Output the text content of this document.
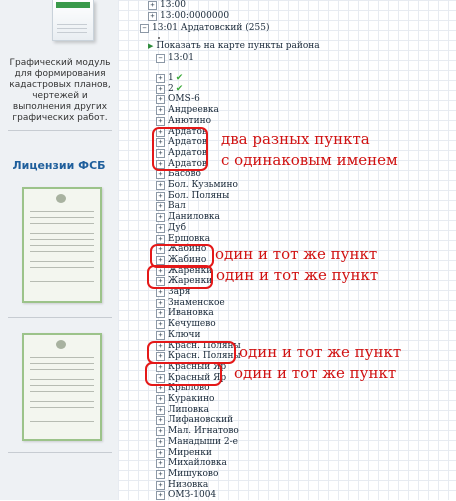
Графический модуль для формирования кадастровых планов, чертежей и выполнения других графических работ.
Лицензии ФСБ
+ 13:00
+ 13:00:0000000
− 13:01 Ардатовский (255)
▶ Показать на карте пункты района
− 13:01
+ 1 ✔
+ 2 ✔
+ OMS-6
+ Андреевка
+ Анютино
+ Ардатов
+ Ардатов
+ Ардатов
+ Ардатов
+ Басово
+ Бол. Кузьмино
+ Бол. Поляны
+ Вал
+ Даниловка
+ Дуб
+ Ершовка
+ Жабино
+ Жабино
+ Жаренки
+ Жаренки
+ Заря
+ Знаменское
+ Ивановка
+ Кечушево
+ Ключи
+ Красн. Поляны
+ Красн. Поляны
+ Красный Яр
+ Красный Яр
+ Крылово
+ Куракино
+ Липовка
+ Лифановский
+ Мал. Игнатово
+ Манадыши 2-е
+ Миренки
+ Михайловка
+ Мишуково
+ Низовка
+ OMЗ-1004
два разных пункта
с одинаковым именем
один и тот же пункт
один и тот же пункт
один и тот же пункт
один и тот же пункт
